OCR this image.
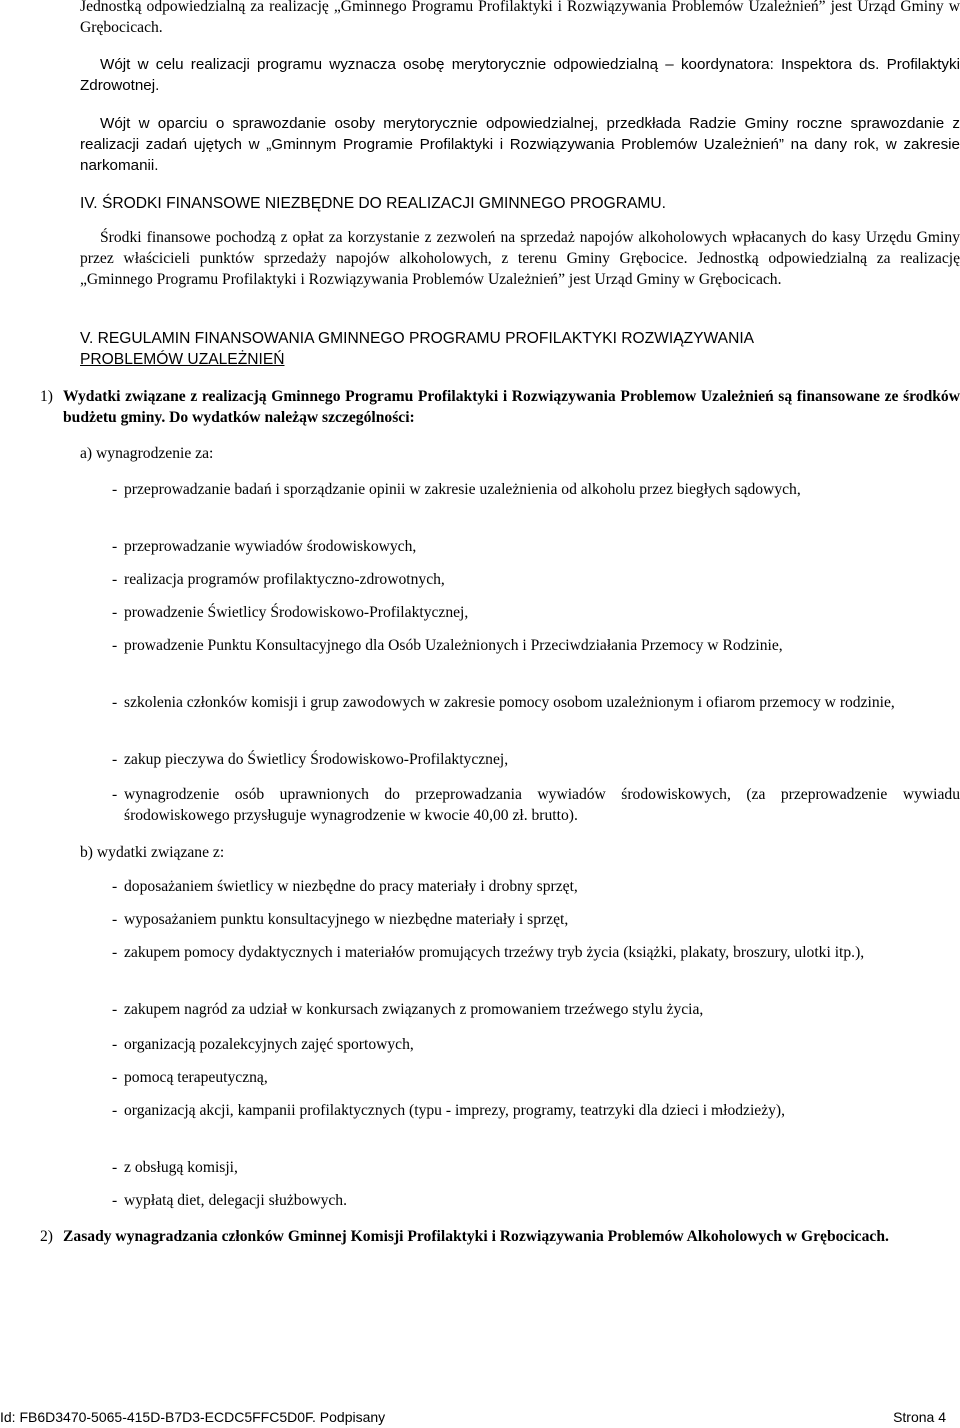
Jednostką odpowiedzialną za realizację „Gminnego Programu Profilaktyki i Rozwiązywania Problemów Uzależnień” jest Urząd Gminy w Grębocicach.

Wójt w celu realizacji programu wyznacza osobę merytorycznie odpowiedzialną – koordynatora: Inspektora ds. Profilaktyki Zdrowotnej.

Wójt w oparciu o sprawozdanie osoby merytorycznie odpowiedzialnej, przedkłada Radzie Gminy roczne sprawozdanie z realizacji zadań ujętych w „Gminnym Programie Profilaktyki i Rozwiązywania Problemów Uzależnień” na dany rok, w zakresie narkomanii.

IV. ŚRODKI FINANSOWE NIEZBĘDNE DO REALIZACJI GMINNEGO PROGRAMU.

Środki finansowe pochodzą z opłat za korzystanie z zezwoleń na sprzedaż napojów alkoholowych wpłacanych do kasy Urzędu Gminy przez właścicieli punktów sprzedaży napojów alkoholowych, z terenu Gminy Grębocice. Jednostką odpowiedzialną za realizację „Gminnego Programu Profilaktyki i Rozwiązywania Problemów Uzależnień” jest Urząd Gminy w Grębocicach.

V. REGULAMIN FINANSOWANIA GMINNEGO PROGRAMU PROFILAKTYKI ROZWIĄZYWANIA
PROBLEMÓW UZALEŻNIEŃ
1) Wydatki związane z realizacją Gminnego Programu Profilaktyki i Rozwiązywania Problemow Uzależnień są finansowane ze środków budżetu gminy. Do wydatków należąw szczególności:

a) wynagrodzenie za:

- przeprowadzanie badań i sporządzanie opinii w zakresie uzależnienia od alkoholu przez biegłych sądowych,
- przeprowadzanie wywiadów środowiskowych,
- realizacja programów profilaktyczno-zdrowotnych,
- prowadzenie Świetlicy Środowiskowo-Profilaktycznej,
- prowadzenie Punktu Konsultacyjnego dla Osób Uzależnionych i Przeciwdziałania Przemocy w Rodzinie,
- szkolenia członków komisji i grup zawodowych w zakresie pomocy osobom uzależnionym i ofiarom przemocy w rodzinie,
- zakup pieczywa do Świetlicy Środowiskowo-Profilaktycznej,
- wynagrodzenie osób uprawnionych do przeprowadzania wywiadów środowiskowych, (za przeprowadzenie wywiadu środowiskowego przysługuje wynagrodzenie w kwocie 40,00 zł. brutto).

b) wydatki związane z:

- doposażaniem świetlicy w niezbędne do pracy materiały i drobny sprzęt,
- wyposażaniem punktu konsultacyjnego w niezbędne materiały i sprzęt,
- zakupem pomocy dydaktycznych i materiałów promujących trzeźwy tryb życia (książki, plakaty, broszury, ulotki itp.),
- zakupem nagród za udział w konkursach związanych z promowaniem trzeźwego stylu życia,
- organizacją pozalekcyjnych zajęć sportowych,
- pomocą terapeutyczną,
- organizacją akcji, kampanii profilaktycznych (typu - imprezy, programy, teatrzyki dla dzieci i młodzieży),
- z obsługą komisji,
- wypłatą diet, delegacji służbowych.
2) Zasady wynagradzania członków Gminnej Komisji Profilaktyki i Rozwiązywania Problemów Alkoholowych w Grębocicach.

Id: FB6D3470-5065-415D-B7D3-ECDC5FFC5D0F. Podpisany	Strona 4
